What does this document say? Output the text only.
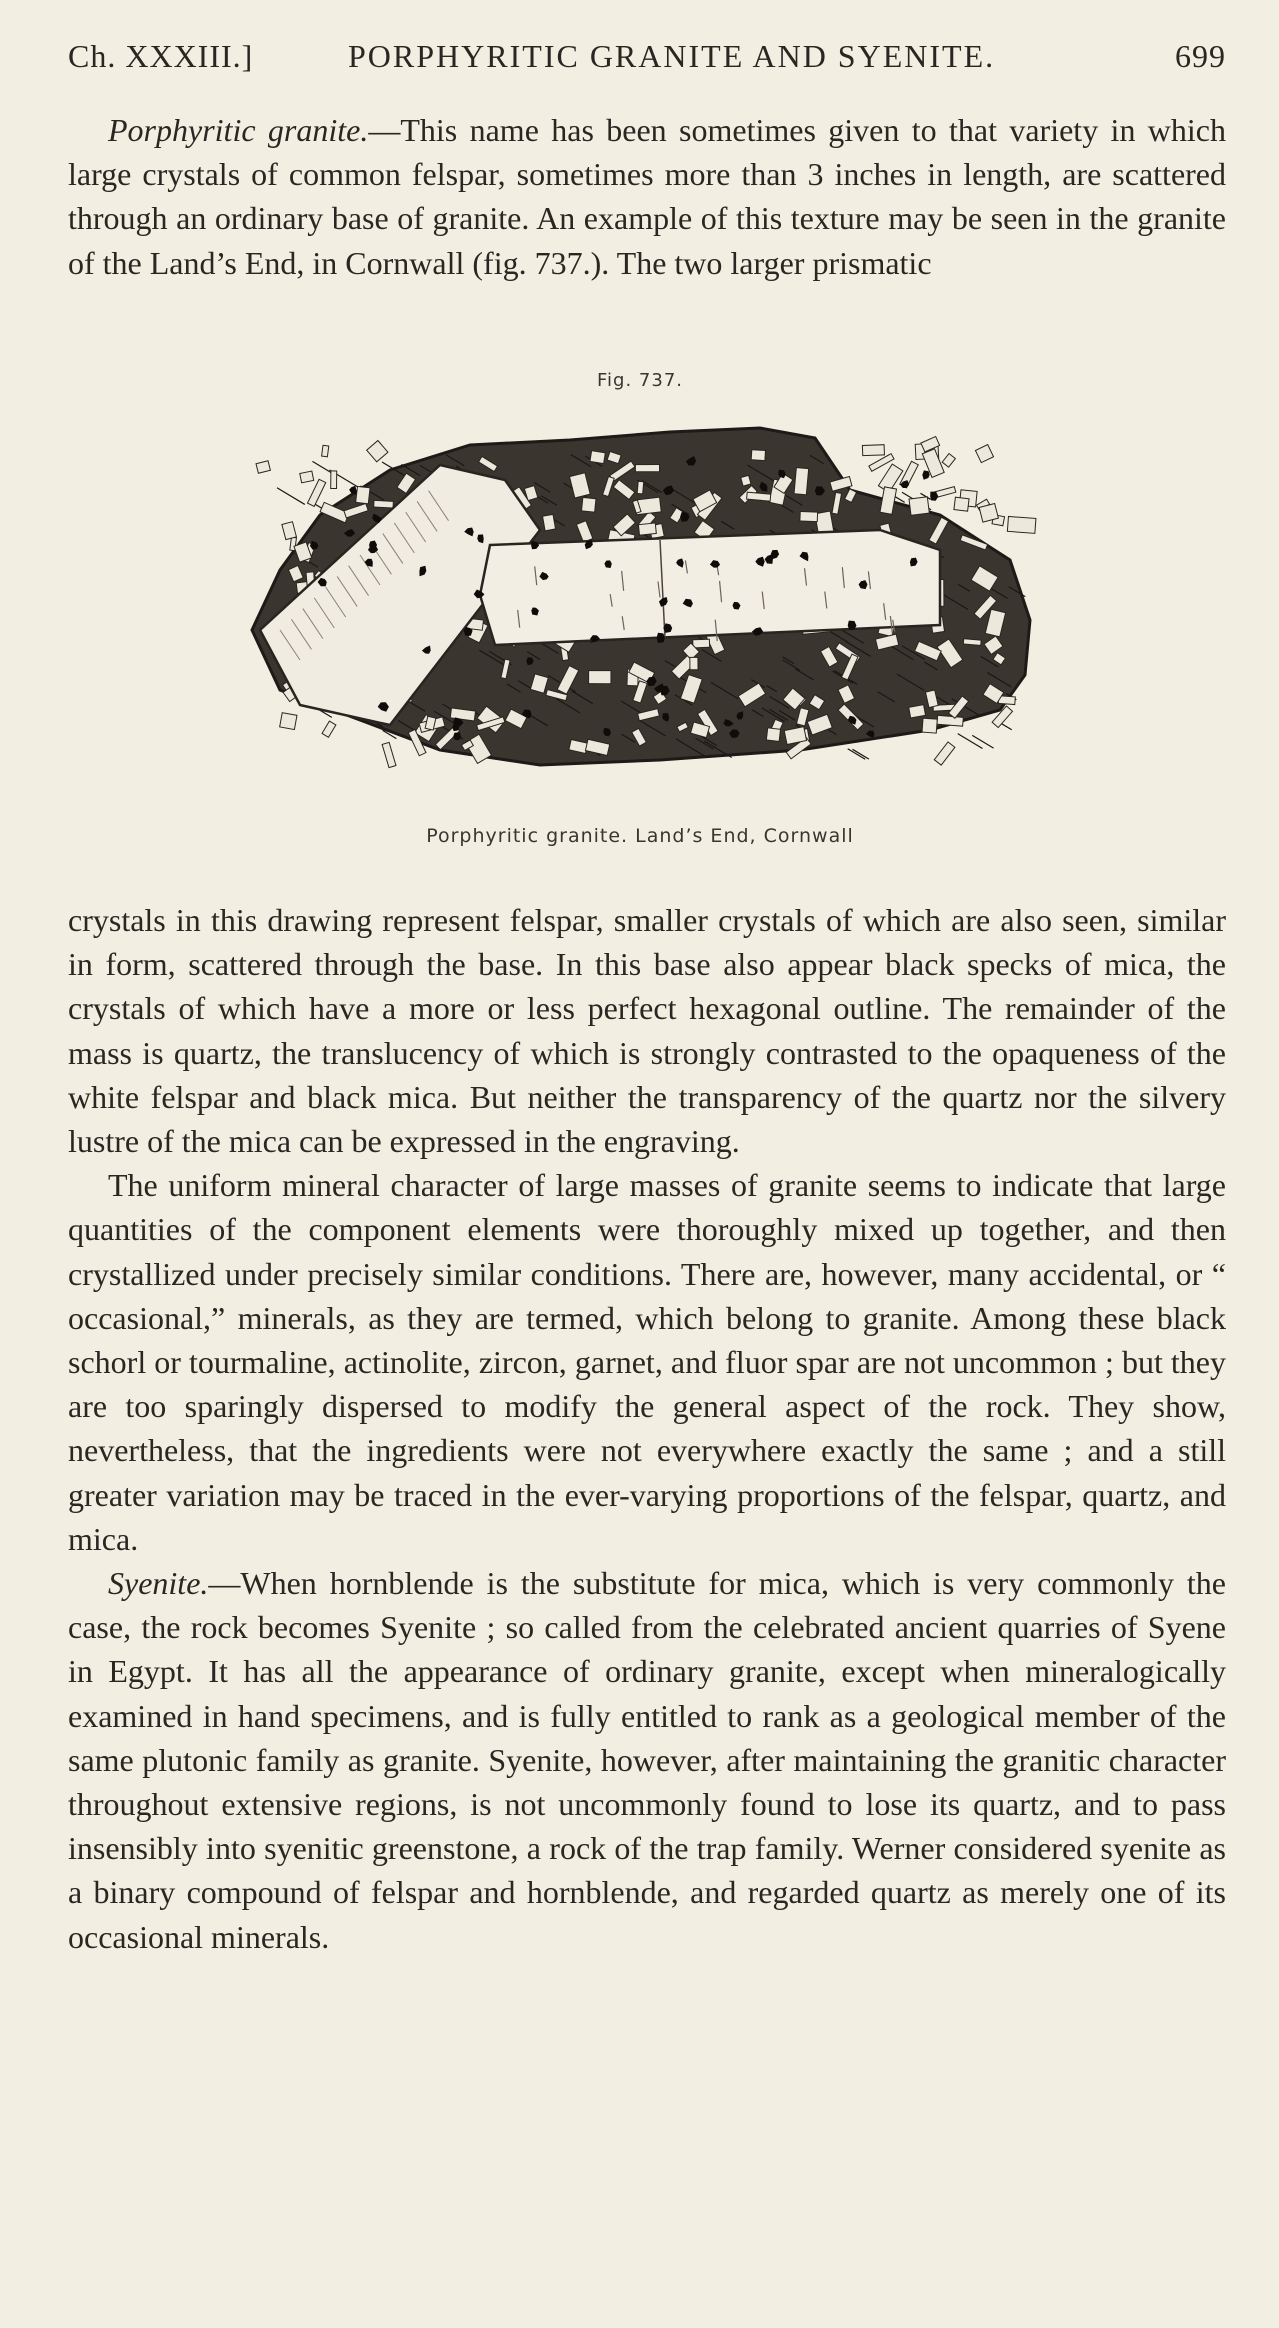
Ch. XXXIII.]	PORPHYRITIC GRANITE AND SYENITE.	699

Porphyritic granite.—This name has been sometimes given to that variety in which large crystals of common felspar, sometimes more than 3 inches in length, are scattered through an ordinary base of granite. An example of this texture may be seen in the granite of the Land’s End, in Cornwall (fig. 737.). The two larger prismatic

Fig. 737.
Porphyritic granite. Land’s End, Cornwall

crystals in this drawing represent felspar, smaller crystals of which are also seen, similar in form, scattered through the base. In this base also appear black specks of mica, the crystals of which have a more or less perfect hexagonal outline. The remainder of the mass is quartz, the translucency of which is strongly contrasted to the opaqueness of the white felspar and black mica. But neither the transparency of the quartz nor the silvery lustre of the mica can be expressed in the engraving.

The uniform mineral character of large masses of granite seems to indicate that large quantities of the component elements were thoroughly mixed up together, and then crystallized under precisely similar conditions. There are, however, many accidental, or “ occasional,” minerals, as they are termed, which belong to granite. Among these black schorl or tourmaline, actinolite, zircon, garnet, and fluor spar are not uncommon ; but they are too sparingly dispersed to modify the general aspect of the rock. They show, nevertheless, that the ingredients were not everywhere exactly the same ; and a still greater variation may be traced in the ever-varying proportions of the felspar, quartz, and mica.

Syenite.—When hornblende is the substitute for mica, which is very commonly the case, the rock becomes Syenite ; so called from the celebrated ancient quarries of Syene in Egypt. It has all the appearance of ordinary granite, except when mineralogically examined in hand specimens, and is fully entitled to rank as a geological member of the same plutonic family as granite. Syenite, however, after maintaining the granitic character throughout extensive regions, is not uncommonly found to lose its quartz, and to pass insensibly into syenitic greenstone, a rock of the trap family. Werner considered syenite as a binary compound of felspar and hornblende, and regarded quartz as merely one of its occasional minerals.
